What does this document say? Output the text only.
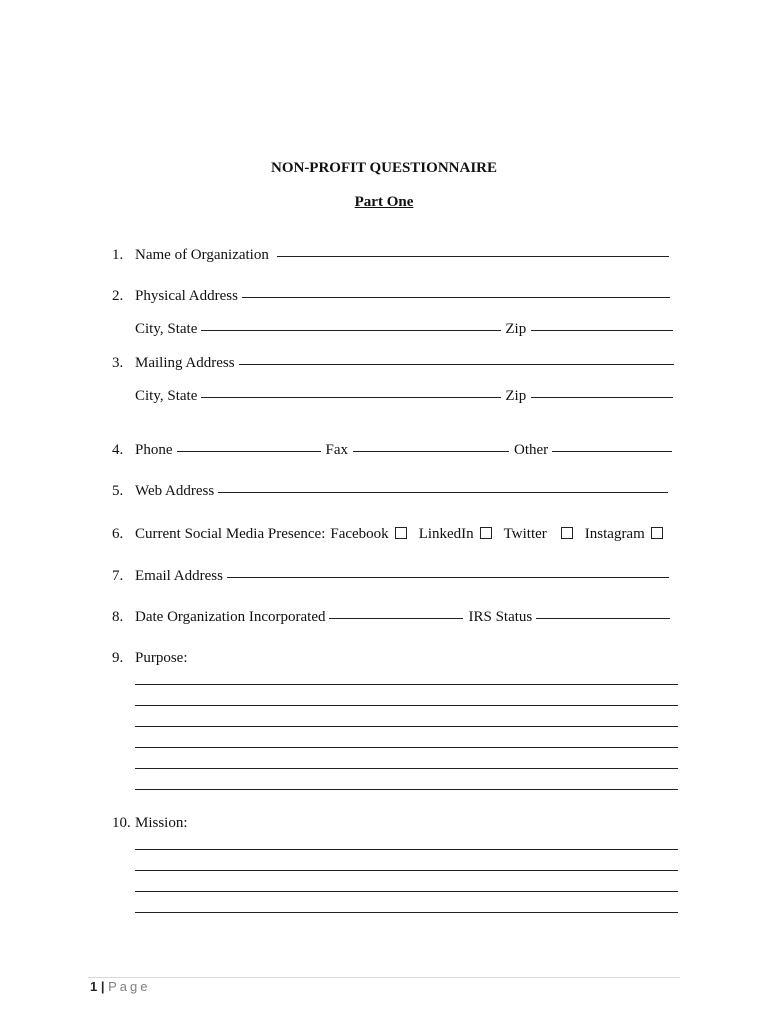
NON-PROFIT QUESTIONNAIRE
Part One
1. Name of Organization
2. Physical Address
City, State	Zip
3. Mailing Address
City, State	Zip
4. Phone	Fax	Other
5. Web Address
6. Current Social Media Presence: Facebook LinkedIn Twitter	Instagram
7. Email Address
8. Date Organization Incorporated	IRS Status
9. Purpose:
10. Mission:
1 | Page
